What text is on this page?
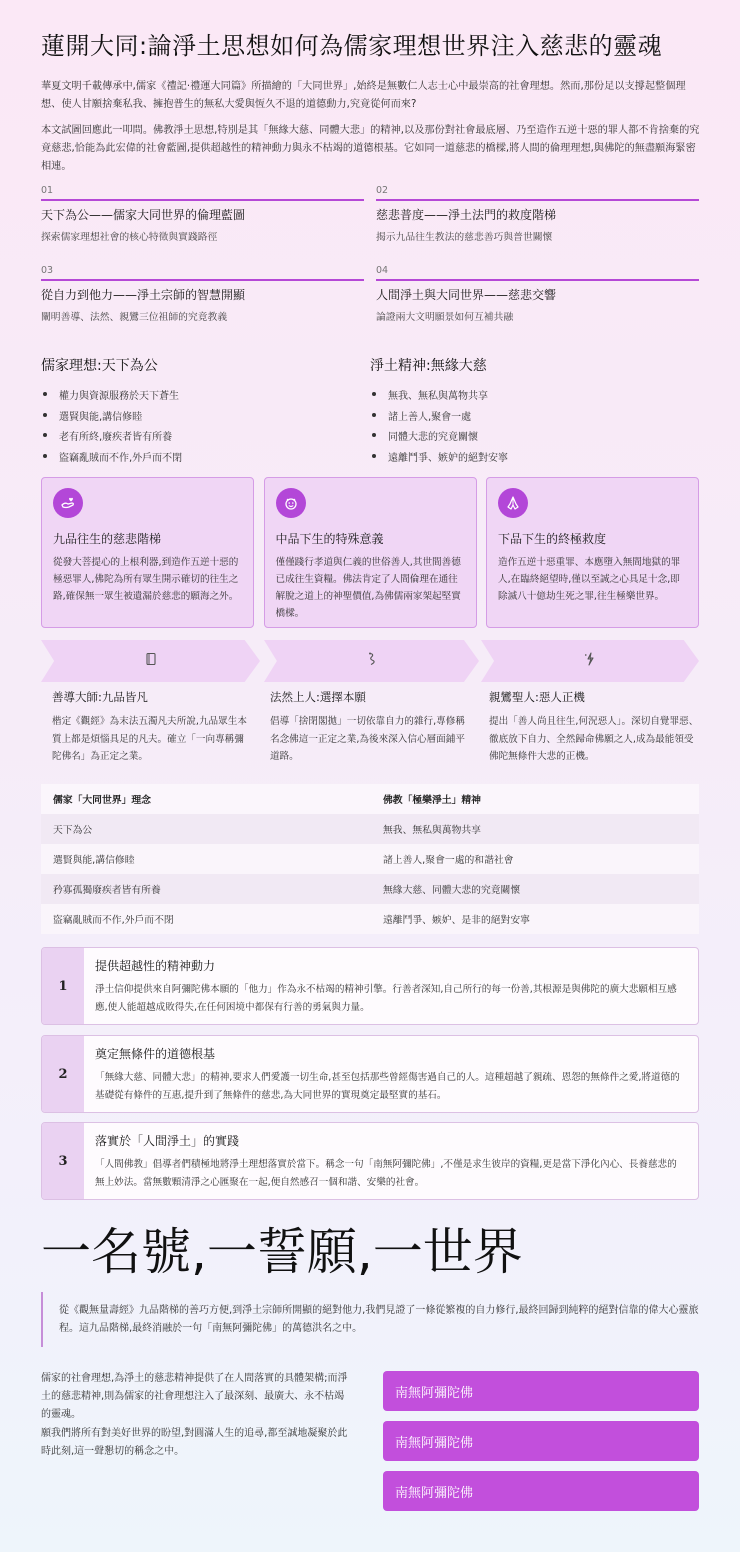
蓮開大同:論淨土思想如何為儒家理想世界注入慈悲的靈魂

華夏文明千載傳承中,儒家《禮記·禮運大同篇》所描繪的「大同世界」,始終是無數仁人志士心中最崇高的社會理想。然而,那份足以支撐起整個理想、使人甘願捨棄私我、擁抱普生的無私大愛與恆久不退的道德動力,究竟從何而來?

本文試圖回應此一叩問。佛教淨土思想,特別是其「無緣大慈、同體大悲」的精神,以及那份對社會最底層、乃至造作五逆十惡的罪人都不肯捨棄的究竟慈悲,恰能為此宏偉的社會藍圖,提供超越性的精神動力與永不枯竭的道德根基。它如同一道慈悲的橋樑,將人間的倫理理想,與佛陀的無盡願海緊密相連。

01
天下為公——儒家大同世界的倫理藍圖
探索儒家理想社會的核心特徵與實踐路徑
02
慈悲普度——淨土法門的救度階梯
揭示九品往生教法的慈悲善巧與普世關懷
03
從自力到他力——淨土宗師的智慧開顯
闡明善導、法然、親鸞三位祖師的究竟教義
04
人間淨土與大同世界——慈悲交響
論證兩大文明願景如何互補共融
儒家理想:天下為公
權力與資源服務於天下蒼生
選賢與能,講信修睦
老有所終,廢疾者皆有所養
盜竊亂賊而不作,外戶而不閉
淨土精神:無緣大慈
無我、無私與萬物共享
諸上善人,聚會一處
同體大悲的究竟關懷
遠離鬥爭、嫉妒的絕對安寧
九品往生的慈悲階梯
從發大菩提心的上根利器,到造作五逆十惡的極惡罪人,佛陀為所有眾生開示確切的往生之路,確保無一眾生被遺漏於慈悲的願海之外。
中品下生的特殊意義
僅僅踐行孝道與仁義的世俗善人,其世間善德已成往生資糧。佛法肯定了人間倫理在通往解脫之道上的神聖價值,為佛儒兩家架起堅實橋樑。
下品下生的終極救度
造作五逆十惡重罪、本應墮入無間地獄的罪人,在臨終絕望時,僅以至誠之心具足十念,即除滅八十億劫生死之罪,往生極樂世界。
善導大師:九品皆凡
楷定《觀經》為末法五濁凡夫所說,九品眾生本質上都是煩惱具足的凡夫。確立「一向專稱彌陀佛名」為正定之業。
法然上人:選擇本願
倡導「捨閉閣拋」一切依靠自力的雜行,專修稱名念佛這一正定之業,為後來深入信心層面鋪平道路。
親鸞聖人:惡人正機
提出「善人尚且往生,何況惡人」。深切自覺罪惡、徹底放下自力、全然歸命佛願之人,成為最能領受佛陀無條件大悲的正機。
儒家「大同世界」理念	佛教「極樂淨土」精神
天下為公	無我、無私與萬物共享
選賢與能,講信修睦	諸上善人,聚會一處的和諧社會
矜寡孤獨廢疾者皆有所養	無緣大慈、同體大悲的究竟關懷
盜竊亂賊而不作,外戶而不閉	遠離鬥爭、嫉妒、是非的絕對安寧
1
提供超越性的精神動力
淨土信仰提供來自阿彌陀佛本願的「他力」作為永不枯竭的精神引擎。行善者深知,自己所行的每一份善,其根源是與佛陀的廣大悲願相互感應,使人能超越成敗得失,在任何困境中都保有行善的勇氣與力量。
2
奠定無條件的道德根基
「無緣大慈、同體大悲」的精神,要求人們愛護一切生命,甚至包括那些曾經傷害過自己的人。這種超越了親疏、恩怨的無條件之愛,將道德的基礎從有條件的互惠,提升到了無條件的慈悲,為大同世界的實現奠定最堅實的基石。
3
落實於「人間淨土」的實踐
「人間佛教」倡導者們積極地將淨土理想落實於當下。稱念一句「南無阿彌陀佛」,不僅是求生彼岸的資糧,更是當下淨化內心、長養慈悲的無上妙法。當無數顆清淨之心匯聚在一起,便自然感召一個和諧、安樂的社會。
一名號,一誓願,一世界
從《觀無量壽經》九品階梯的善巧方便,到淨土宗師所開顯的絕對他力,我們見證了一條從繁複的自力修行,最終回歸到純粹的絕對信靠的偉大心靈旅程。這九品階梯,最終消融於一句「南無阿彌陀佛」的萬德洪名之中。

儒家的社會理想,為淨土的慈悲精神提供了在人間落實的具體架構;而淨土的慈悲精神,則為儒家的社會理想注入了最深刻、最廣大、永不枯竭的靈魂。

願我們將所有對美好世界的盼望,對圓滿人生的追尋,都至誠地凝聚於此時此刻,這一聲懇切的稱念之中。

南無阿彌陀佛
南無阿彌陀佛
南無阿彌陀佛
